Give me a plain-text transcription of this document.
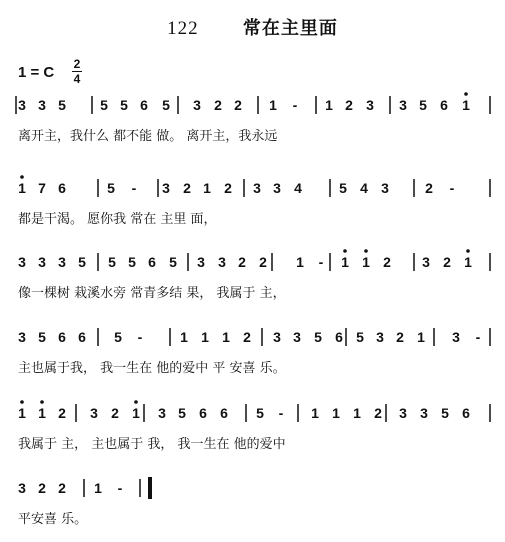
122 常在主里面
1 = C 2
4
3 3 5 5 5 6 5 3 2 2 1 - 1 2 3 3 5 6 1
离开主，我什么 都不能 做。 离开主，我永远
1 7 6	5 - 3 2 1 2 3 3 4	5 4 3	2 -
都是干渴。 愿你我 常在 主里 面，
3 3 3 5 5 5 6 5 3 3 2 2 1 - 1 1 2 3 2 1
像一棵树 栽溪水旁 常青多结 果， 我属于 主，
3 5 6 6 5 -	1 1 1 2 3 3 5 6 5 3 2 1 3 -
主也属于我， 我一生在 他的爱中 平 安喜 乐。
1 1 2 3 2 1 3 5 6 6 5 - 1 1 1 2 3 3 5 6
我属于 主， 主也属于 我， 我一生在 他的爱中
3 2 2 1 -
平安喜 乐。
